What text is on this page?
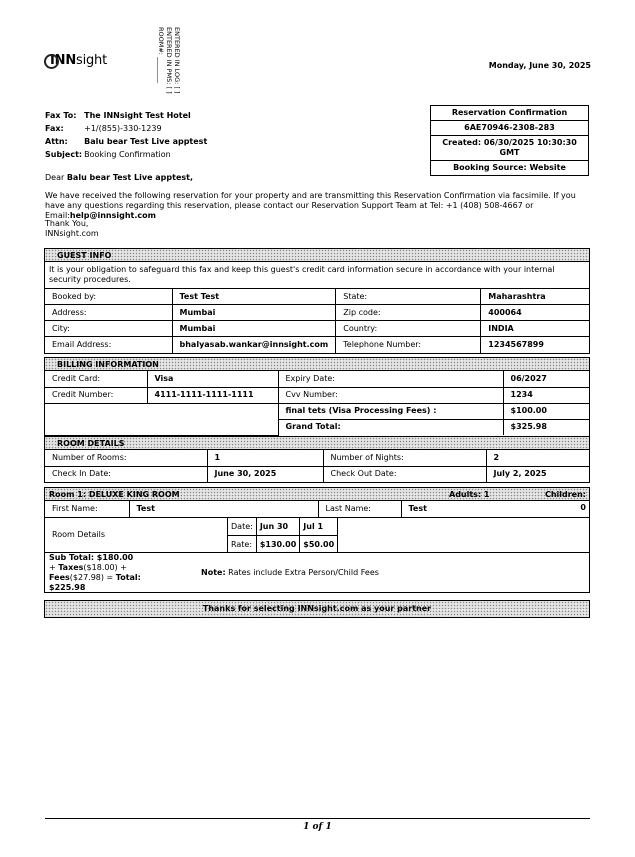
INNsight	ENTERED IN LOG: [ ]
ENTERED IN PMS: [ ]
ROOM#: ________	Monday, June 30, 2025
Reservation Confirmation
6AE70946-2308-283
Created: 06/30/2025 10:30:30 GMT
Booking Source: Website
Fax To:	The INNsight Test Hotel
Fax:	+1/(855)-330-1239
Attn:	Balu bear Test Live apptest
Subject:	Booking Confirmation
Dear Balu bear Test Live apptest,
We have received the following reservation for your property and are transmitting this Reservation Confirmation via facsimile. If you have any questions regarding this reservation, please contact our Reservation Support Team at Tel: +1 (408) 508-4667 or Email:help@innsight.com
Thank You,
INNsight.com
GUEST INFO
It is your obligation to safeguard this fax and keep this guest's credit card information secure in accordance with your internal security procedures.
Booked by:	Test Test	State:	Maharashtra
Address:	Mumbai	Zip code:	400064
City:	Mumbai	Country:	INDIA
Email Address:	bhalyasab.wankar@innsight.com	Telephone Number:	1234567899
BILLING INFORMATION
Credit Card:	Visa	Expiry Date:	06/2027
Credit Number:	4111-1111-1111-1111	Cvv Number:	1234
		final tets (Visa Processing Fees) :	$100.00
		Grand Total:	$325.98
ROOM DETAILS
Number of Rooms:	1	Number of Nights:	2
Check In Date:	June 30, 2025	Check Out Date:	July 2, 2025
Room 1: DELUXE KING ROOM	Adults: 1	Children: 0
First Name:	Test	Last Name:	Test
Room Details
Date:	Jun 30	Jul 1
Rate:	$130.00	$50.00
Sub Total: $180.00
+ Taxes($18.00) +
Fees($27.98) = Total:
$225.98
Note: Rates include Extra Person/Child Fees
Thanks for selecting INNsight.com as your partner
1 of 1
